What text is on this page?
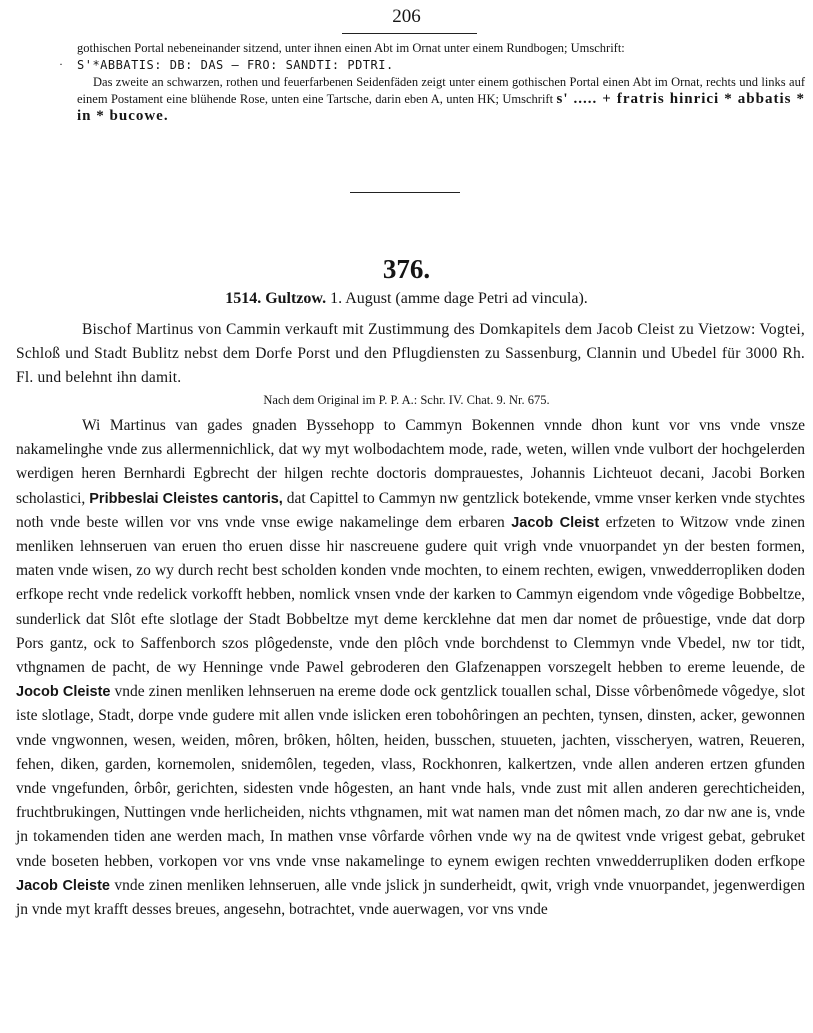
206
·

gothischen Portal nebeneinander sitzend, unter ihnen einen Abt im Ornat unter einem Rundbogen; Umschrift:
S'*ABBATIS: DB: DAS — FRO: SANDTI: PDTRI.

Das zweite an schwarzen, rothen und feuerfarbenen Seidenfäden zeigt unter einem gothischen Portal einen Abt im Ornat, rechts und links auf einem Postament eine blühende Rose, unten eine Tartsche, darin eben A, unten HK; Umschrift s' ..... + fratris hinrici * abbatis * in * bucowe.

376.
1514. Gultzow. 1. August (amme dage Petri ad vincula).

Bischof Martinus von Cammin verkauft mit Zustimmung des Domkapitels dem Jacob Cleist zu Vietzow: Vogtei, Schloß und Stadt Bublitz nebst dem Dorfe Porst und den Pflugdiensten zu Sassenburg, Clannin und Ubedel für 3000 Rh. Fl. und belehnt ihn damit.

Nach dem Original im P. P. A.: Schr. IV. Chat. 9. Nr. 675.

Wi Martinus van gades gnaden Byssehopp to Cammyn Bokennen vnnde dhon kunt vor vns vnde vnsze nakamelinghe vnde zus allermennichlick, dat wy myt wolbodachtem mode, rade, weten, willen vnde vulbort der hochgelerden werdigen heren Bernhardi Egbrecht der hilgen rechte doctoris domprauestes, Johannis Lichteuot decani, Jacobi Borken scholastici, Pribbeslai Cleistes cantoris, dat Capittel to Cammyn nw gentzlick botekende, vmme vnser kerken vnde stychtes noth vnde beste willen vor vns vnde vnse ewige nakamelinge dem erbaren Jacob Cleist erfzeten to Witzow vnde zinen menliken lehnseruen van eruen tho eruen disse hir nascreuene gudere quit vrigh vnde vnuorpandet yn der besten formen, maten vnde wisen, zo wy durch recht best scholden konden vnde mochten, to einem rechten, ewigen, vnwedderropliken doden erfkope recht vnde redelick vorkofft hebben, nomlick vnsen vnde der karken to Cammyn eigendom vnde vôgedige Bobbeltze, sunderlick dat Slôt efte slotlage der Stadt Bobbeltze myt deme kercklehne dat men dar nomet de prôuestige, vnde dat dorp Pors gantz, ock to Saffenborch szos plôgedenste, vnde den plôch vnde borchdenst to Clemmyn vnde Vbedel, nw tor tidt, vthgnamen de pacht, de wy Henninge vnde Pawel gebroderen den Glafzenappen vorszegelt hebben to ereme leuende, de Jocob Cleiste vnde zinen menliken lehnseruen na ereme dode ock gentzlick touallen schal, Disse vôrbenômede vôgedye, slot iste slotlage, Stadt, dorpe vnde gudere mit allen vnde islicken eren tobohôringen an pechten, tynsen, dinsten, acker, gewonnen vnde vngwonnen, wesen, weiden, môren, brôken, hôlten, heiden, busschen, stuueten, jachten, visscheryen, watren, Reueren, fehen, diken, garden, kornemolen, snidemôlen, tegeden, vlass, Rockhonren, kalkertzen, vnde allen anderen ertzen gfunden vnde vngefunden, ôrbôr, gerichten, sidesten vnde hôgesten, an hant vnde hals, vnde zust mit allen anderen gerechticheiden, fruchtbrukingen, Nuttingen vnde herlicheiden, nichts vthgnamen, mit wat namen man det nômen mach, zo dar nw ane is, vnde jn tokamenden tiden ane werden mach, In mathen vnse vôrfarde vôrhen vnde wy na de qwitest vnde vrigest gebat, gebruket vnde boseten hebben, vorkopen vor vns vnde vnse nakamelinge to eynem ewigen rechten vnwedderrupliken doden erfkope Jacob Cleiste vnde zinen menliken lehnseruen, alle vnde jslick jn sunderheidt, qwit, vrigh vnde vnuorpandet, jegenwerdigen jn vnde myt krafft desses breues, angesehn, botrachtet, vnde auerwagen, vor vns vnde
